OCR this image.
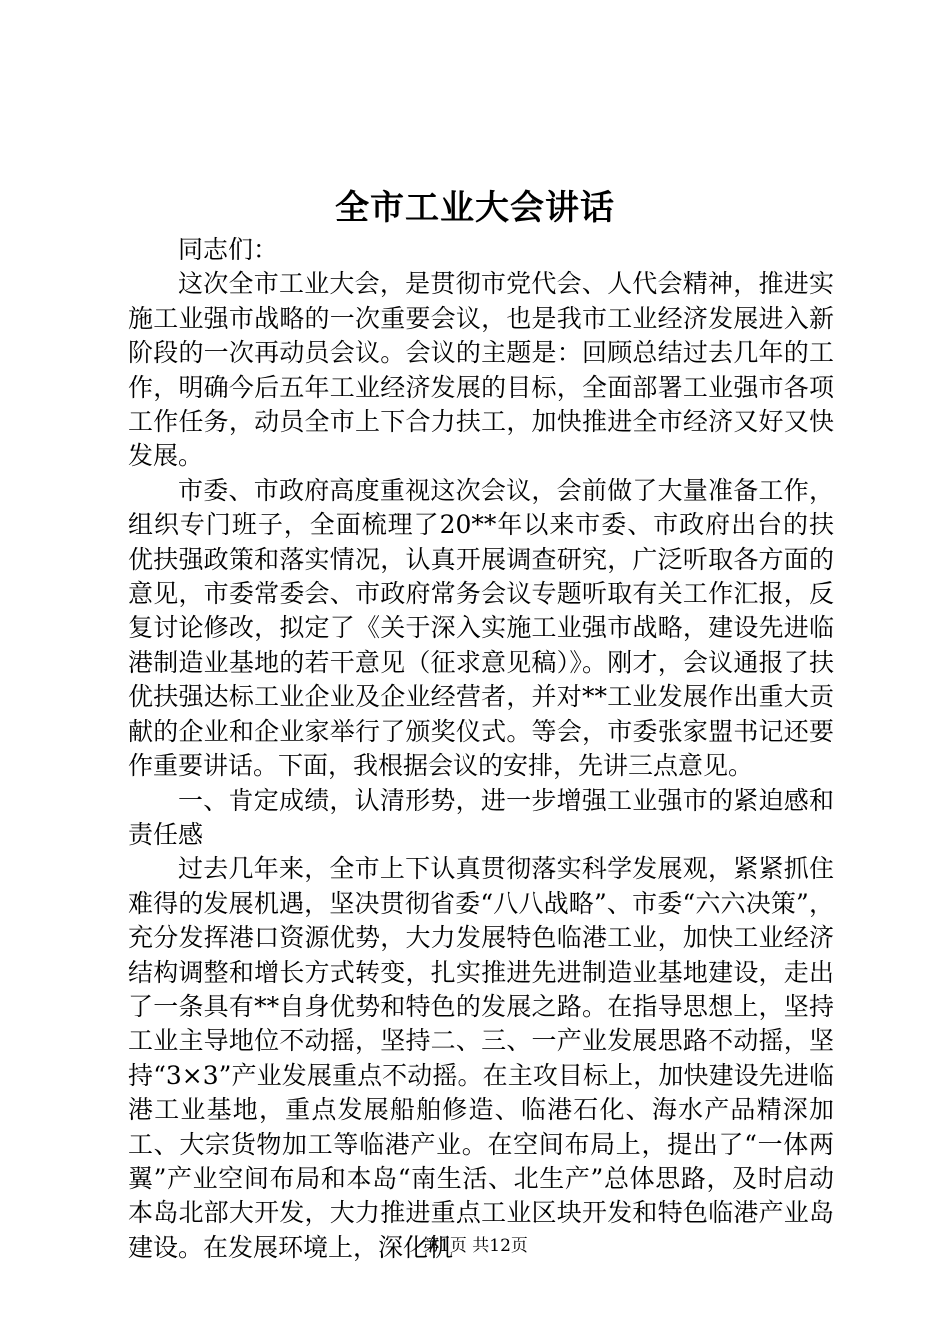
全市工业大会讲话

同志们：

这次全市工业大会，是贯彻市党代会、人代会精神，推进实施工业强市战略的一次重要会议，也是我市工业经济发展进入新阶段的一次再动员会议。会议的主题是：回顾总结过去几年的工作，明确今后五年工业经济发展的目标，全面部署工业强市各项工作任务，动员全市上下合力扶工，加快推进全市经济又好又快发展。

市委、市政府高度重视这次会议，会前做了大量准备工作，组织专门班子，全面梳理了20**年以来市委、市政府出台的扶优扶强政策和落实情况，认真开展调查研究，广泛听取各方面的意见，市委常委会、市政府常务会议专题听取有关工作汇报，反复讨论修改，拟定了《关于深入实施工业强市战略，建设先进临港制造业基地的若干意见（征求意见稿）》。刚才，会议通报了扶优扶强达标工业企业及企业经营者，并对**工业发展作出重大贡献的企业和企业家举行了颁奖仪式。等会，市委张家盟书记还要作重要讲话。下面，我根据会议的安排，先讲三点意见。

一、肯定成绩，认清形势，进一步增强工业强市的紧迫感和责任感

过去几年来，全市上下认真贯彻落实科学发展观，紧紧抓住难得的发展机遇，坚决贯彻省委“八八战略”、市委“六六决策”，充分发挥港口资源优势，大力发展特色临港工业，加快工业经济结构调整和增长方式转变，扎实推进先进制造业基地建设，走出了一条具有**自身优势和特色的发展之路。在指导思想上，坚持工业主导地位不动摇，坚持二、三、一产业发展思路不动摇，坚持“3×3”产业发展重点不动摇。在主攻目标上，加快建设先进临港工业基地，重点发展船舶修造、临港石化、海水产品精深加工、大宗货物加工等临港产业。在空间布局上，提出了“一体两翼”产业空间布局和本岛“南生活、北生产”总体思路，及时启动本岛北部大开发，大力推进重点工业区块开发和特色临港产业岛建设。在发展环境上，深化机

第1页 共12页
